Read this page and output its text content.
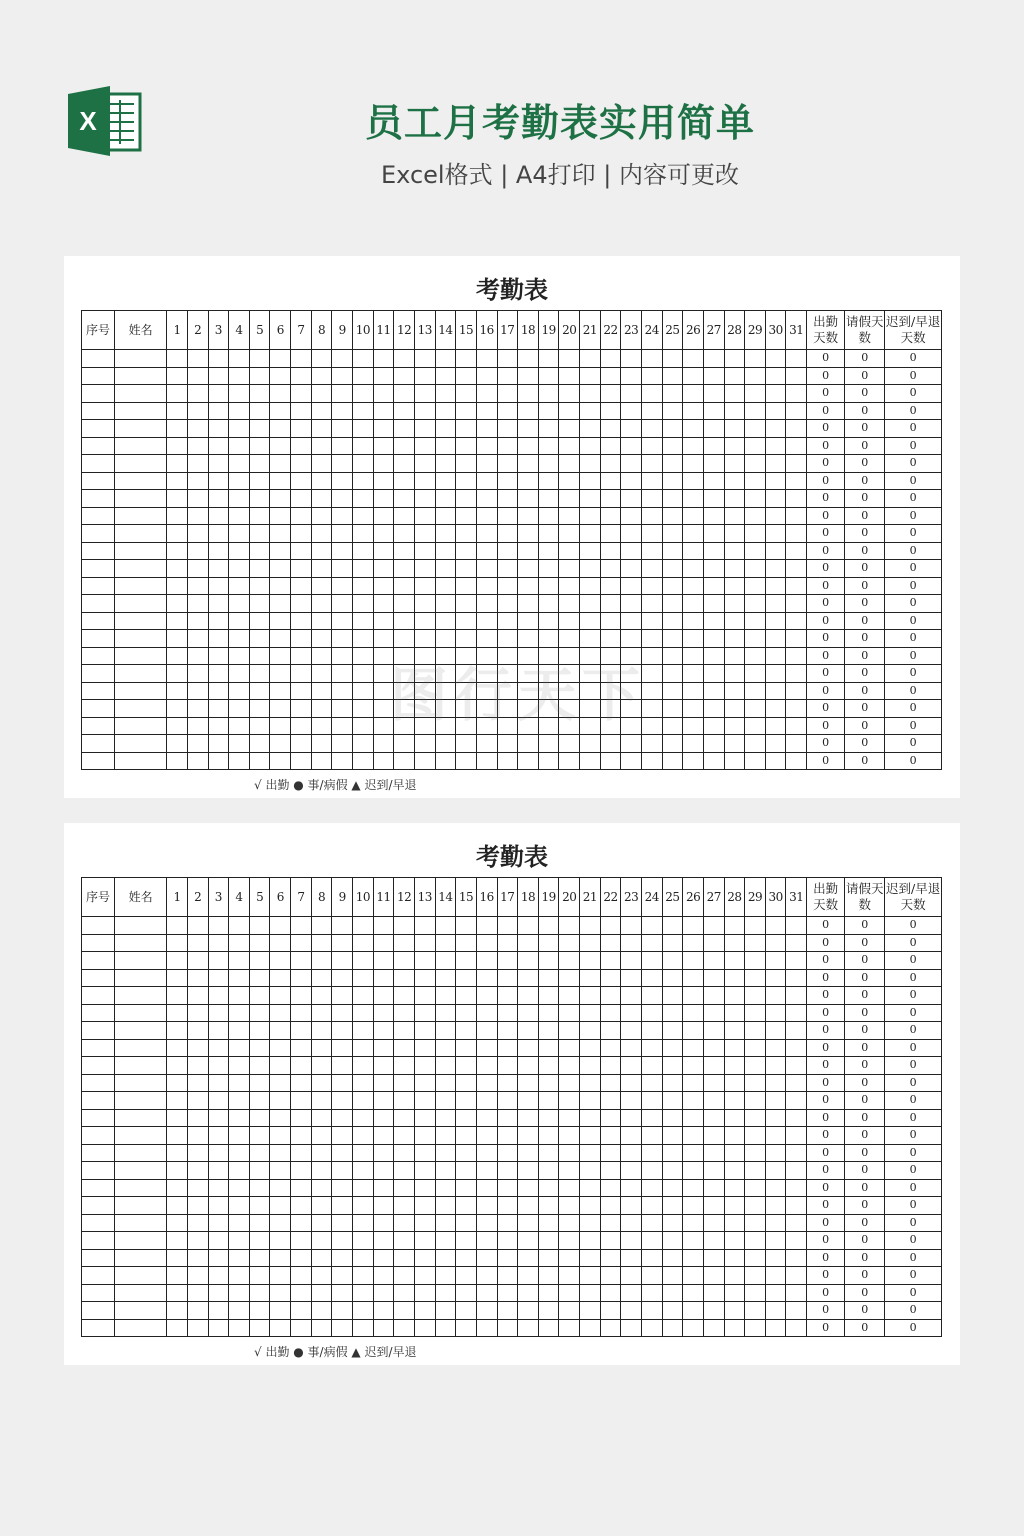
X	员工月考勤表实用简单
Excel格式 | A4打印 | 内容可更改
考勤表
序号	姓名	1	2	3	4	5	6	7	8	9	10	11	12	13	14	15	16	17	18	19	20	21	22	23	24	25	26	27	28	29	30	31	出勤天数	请假天数	迟到/早退天数
																																	0	0	0
																																	0	0	0
																																	0	0	0
																																	0	0	0
																																	0	0	0
																																	0	0	0
																																	0	0	0
																																	0	0	0
																																	0	0	0
																																	0	0	0
																																	0	0	0
																																	0	0	0
																																	0	0	0
																																	0	0	0
																																	0	0	0
																																	0	0	0
																																	0	0	0
																																	0	0	0
																																	0	0	0
																																	0	0	0
																																	0	0	0
																																	0	0	0
																																	0	0	0
																																	0	0	0
√ 出勤 ● 事/病假 ▲ 迟到/早退
考勤表
序号	姓名	1	2	3	4	5	6	7	8	9	10	11	12	13	14	15	16	17	18	19	20	21	22	23	24	25	26	27	28	29	30	31	出勤天数	请假天数	迟到/早退天数
																																	0	0	0
																																	0	0	0
																																	0	0	0
																																	0	0	0
																																	0	0	0
																																	0	0	0
																																	0	0	0
																																	0	0	0
																																	0	0	0
																																	0	0	0
																																	0	0	0
																																	0	0	0
																																	0	0	0
																																	0	0	0
																																	0	0	0
																																	0	0	0
																																	0	0	0
																																	0	0	0
																																	0	0	0
																																	0	0	0
																																	0	0	0
																																	0	0	0
																																	0	0	0
																																	0	0	0
√ 出勤 ● 事/病假 ▲ 迟到/早退
